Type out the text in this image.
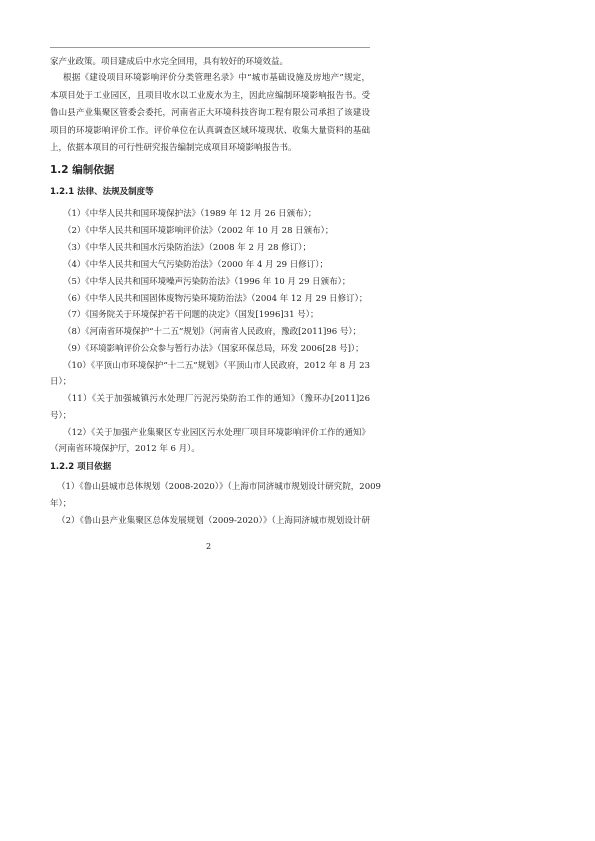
家产业政策。项目建成后中水完全回用，具有较好的环境效益。
根据《建设项目环境影响评价分类管理名录》中“城市基础设施及房地产”规定，
本项目处于工业园区，且项目收水以工业废水为主，因此应编制环境影响报告书。受
鲁山县产业集聚区管委会委托，河南省正大环境科技咨询工程有限公司承担了该建设
项目的环境影响评价工作。评价单位在认真调查区域环境现状、收集大量资料的基础
上，依据本项目的可行性研究报告编制完成项目环境影响报告书。
1.2 编制依据
1.2.1 法律、法规及制度等
（1）《中华人民共和国环境保护法》（1989 年 12 月 26 日颁布）；
（2）《中华人民共和国环境影响评价法》（2002 年 10 月 28 日颁布）；
（3）《中华人民共和国水污染防治法》（2008 年 2 月 28 修订）；
（4）《中华人民共和国大气污染防治法》（2000 年 4 月 29 日修订）；
（5）《中华人民共和国环境噪声污染防治法》（1996 年 10 月 29 日颁布）；
（6）《中华人民共和国固体废物污染环境防治法》（2004 年 12 月 29 日修订）；
（7）《国务院关于环境保护若干问题的决定》（国发[1996]31 号）；
（8）《河南省环境保护“十二五”规划》（河南省人民政府，豫政[2011]96 号）；
（9）《环境影响评价公众参与暂行办法》（国家环保总局，环发 2006[28 号]）；
（10）《平顶山市环境保护“十二五”规划》（平顶山市人民政府，2012 年 8 月 23
日）；
（11）《关于加强城镇污水处理厂污泥污染防治工作的通知》（豫环办[2011]26
号）；
（12）《关于加强产业集聚区专业园区污水处理厂项目环境影响评价工作的通知》
（河南省环境保护厅，2012 年 6 月）。
1.2.2 项目依据
（1）《鲁山县城市总体规划（2008-2020）》（上海市同济城市规划设计研究院，2009
年）；
（2）《鲁山县产业集聚区总体发展规划（2009-2020）》（上海同济城市规划设计研
2
